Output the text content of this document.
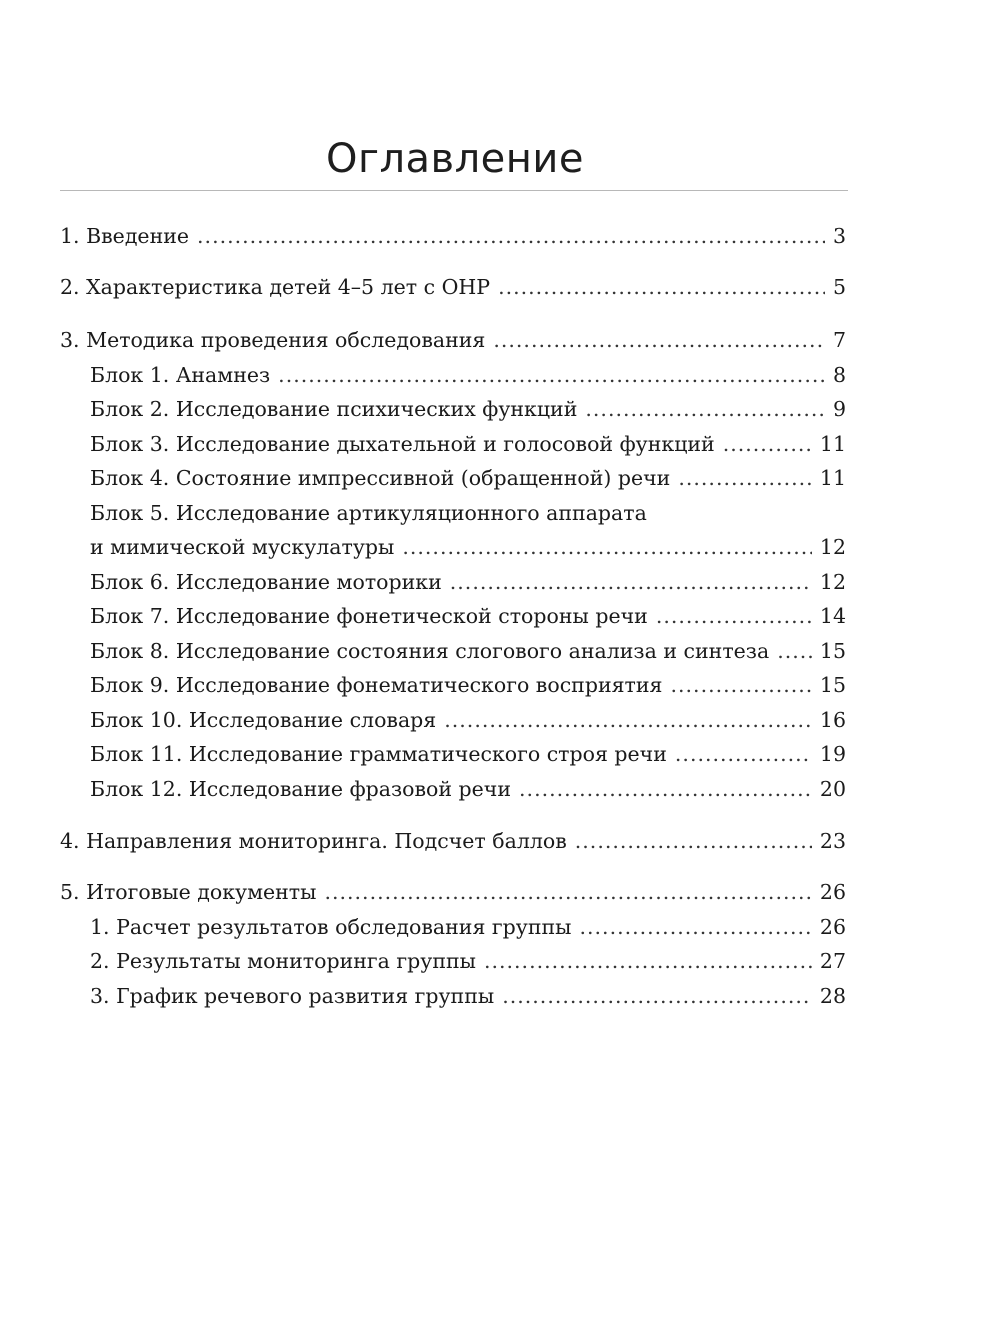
Оглавление
1. Введение .....	3
2. Характеристика детей 4–5 лет с ОНР .....	5
3. Методика проведения обследования .....	7
Блок 1. Анамнез .....	8
Блок 2. Исследование психических функций .....	9
Блок 3. Исследование дыхательной и голосовой функций .....	11
Блок 4. Состояние импрессивной (обращенной) речи .....	11
Блок 5. Исследование артикуляционного аппарата
и мимической мускулатуры .....	12
Блок 6. Исследование моторики .....	12
Блок 7. Исследование фонетической стороны речи .....	14
Блок 8. Исследование состояния слогового анализа и синтеза ..... 15
Блок 9. Исследование фонематического восприятия .....	15
Блок 10. Исследование словаря .....	16
Блок 11. Исследование грамматического строя речи .....	19
Блок 12. Исследование фразовой речи .....	20
4. Направления мониторинга. Подсчет баллов .....	23
5. Итоговые документы .....	26
1. Расчет результатов обследования группы .....	26
2. Результаты мониторинга группы .....	27
3. График речевого развития группы .....	28
